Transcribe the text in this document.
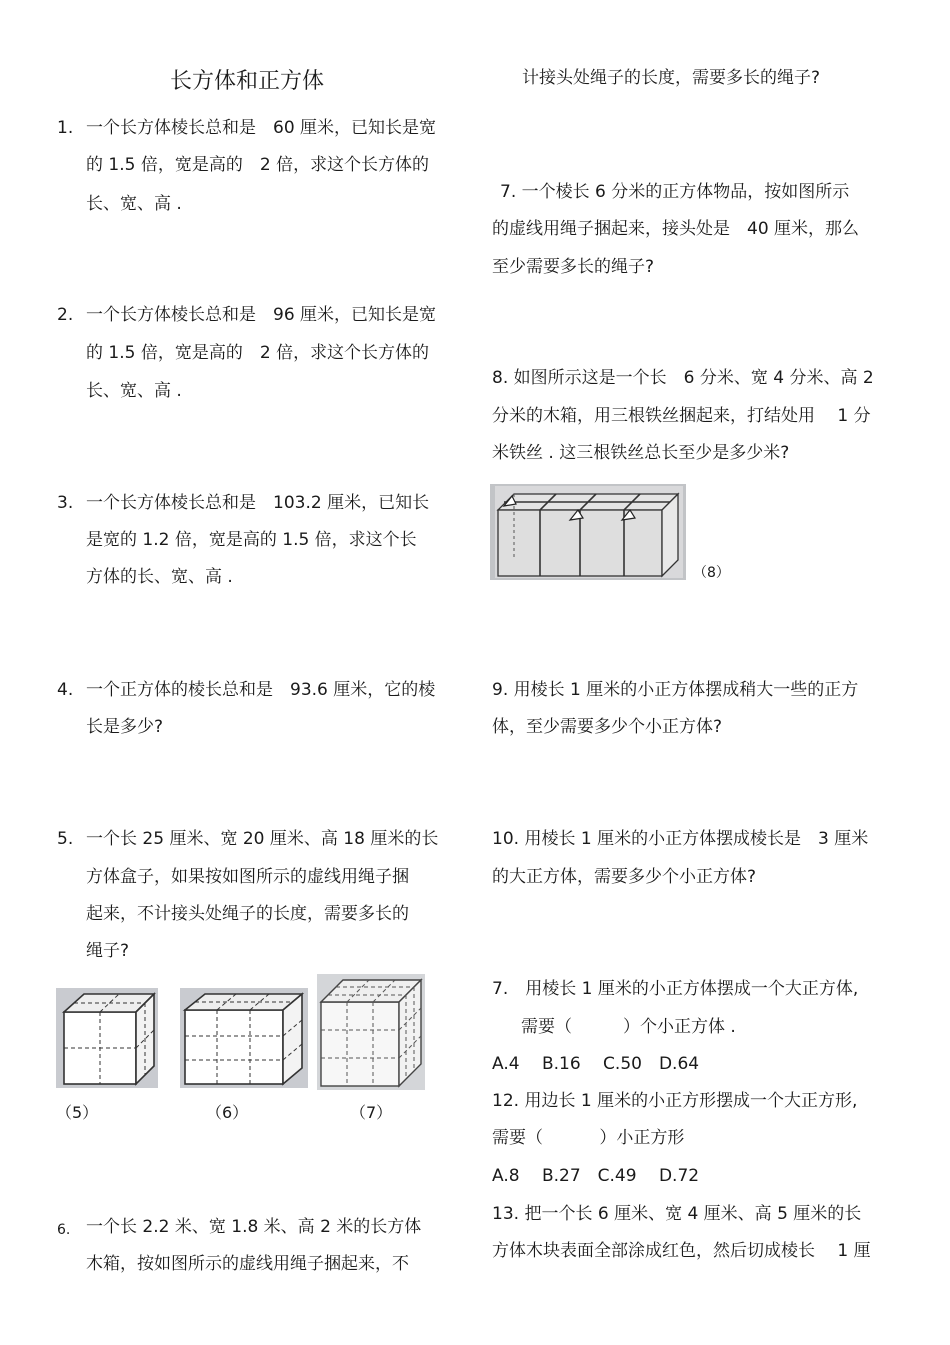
长方体和正方体
1. 一个长方体棱长总和是　60 厘米，已知长是宽
的 1.5 倍，宽是高的　2 倍，求这个长方体的
长、宽、高 .
2. 一个长方体棱长总和是　96 厘米，已知长是宽
的 1.5 倍，宽是高的　2 倍，求这个长方体的
长、宽、高 .
3. 一个长方体棱长总和是　103.2 厘米，已知长
是宽的 1.2 倍，宽是高的 1.5 倍，求这个长
方体的长、宽、高 .
4. 一个正方体的棱长总和是　93.6 厘米，它的棱
长是多少?
5. 一个长 25 厘米、宽 20 厘米、高 18 厘米的长
方体盒子，如果按如图所示的虚线用绳子捆
起来，不计接头处绳子的长度，需要多长的
绳子?
（5）	（6）	（7）
6. 一个长 2.2 米、宽 1.8 米、高 2 米的长方体
木箱，按如图所示的虚线用绳子捆起来，不
计接头处绳子的长度，需要多长的绳子?
7. 一个棱长 6 分米的正方体物品，按如图所示
的虚线用绳子捆起来，接头处是　40 厘米，那么
至少需要多长的绳子?
8. 如图所示这是一个长　6 分米、宽 4 分米、高 2
分米的木箱，用三根铁丝捆起来，打结处用　 1 分
米铁丝 . 这三根铁丝总长至少是多少米?
（8）
9. 用棱长 1 厘米的小正方体摆成稍大一些的正方
体，至少需要多少个小正方体?
10. 用棱长 1 厘米的小正方体摆成棱长是　3 厘米
的大正方体，需要多少个小正方体?
7.　用棱长 1 厘米的小正方体摆成一个大正方体,
需要（　　　）个小正方体 .
A.4　 B.16　 C.50　D.64
12. 用边长 1 厘米的小正方形摆成一个大正方形,
需要（　　　 ）小正方形
A.8　 B.27　C.49　 D.72
13. 把一个长 6 厘米、宽 4 厘米、高 5 厘米的长
方体木块表面全部涂成红色，然后切成棱长　 1 厘
